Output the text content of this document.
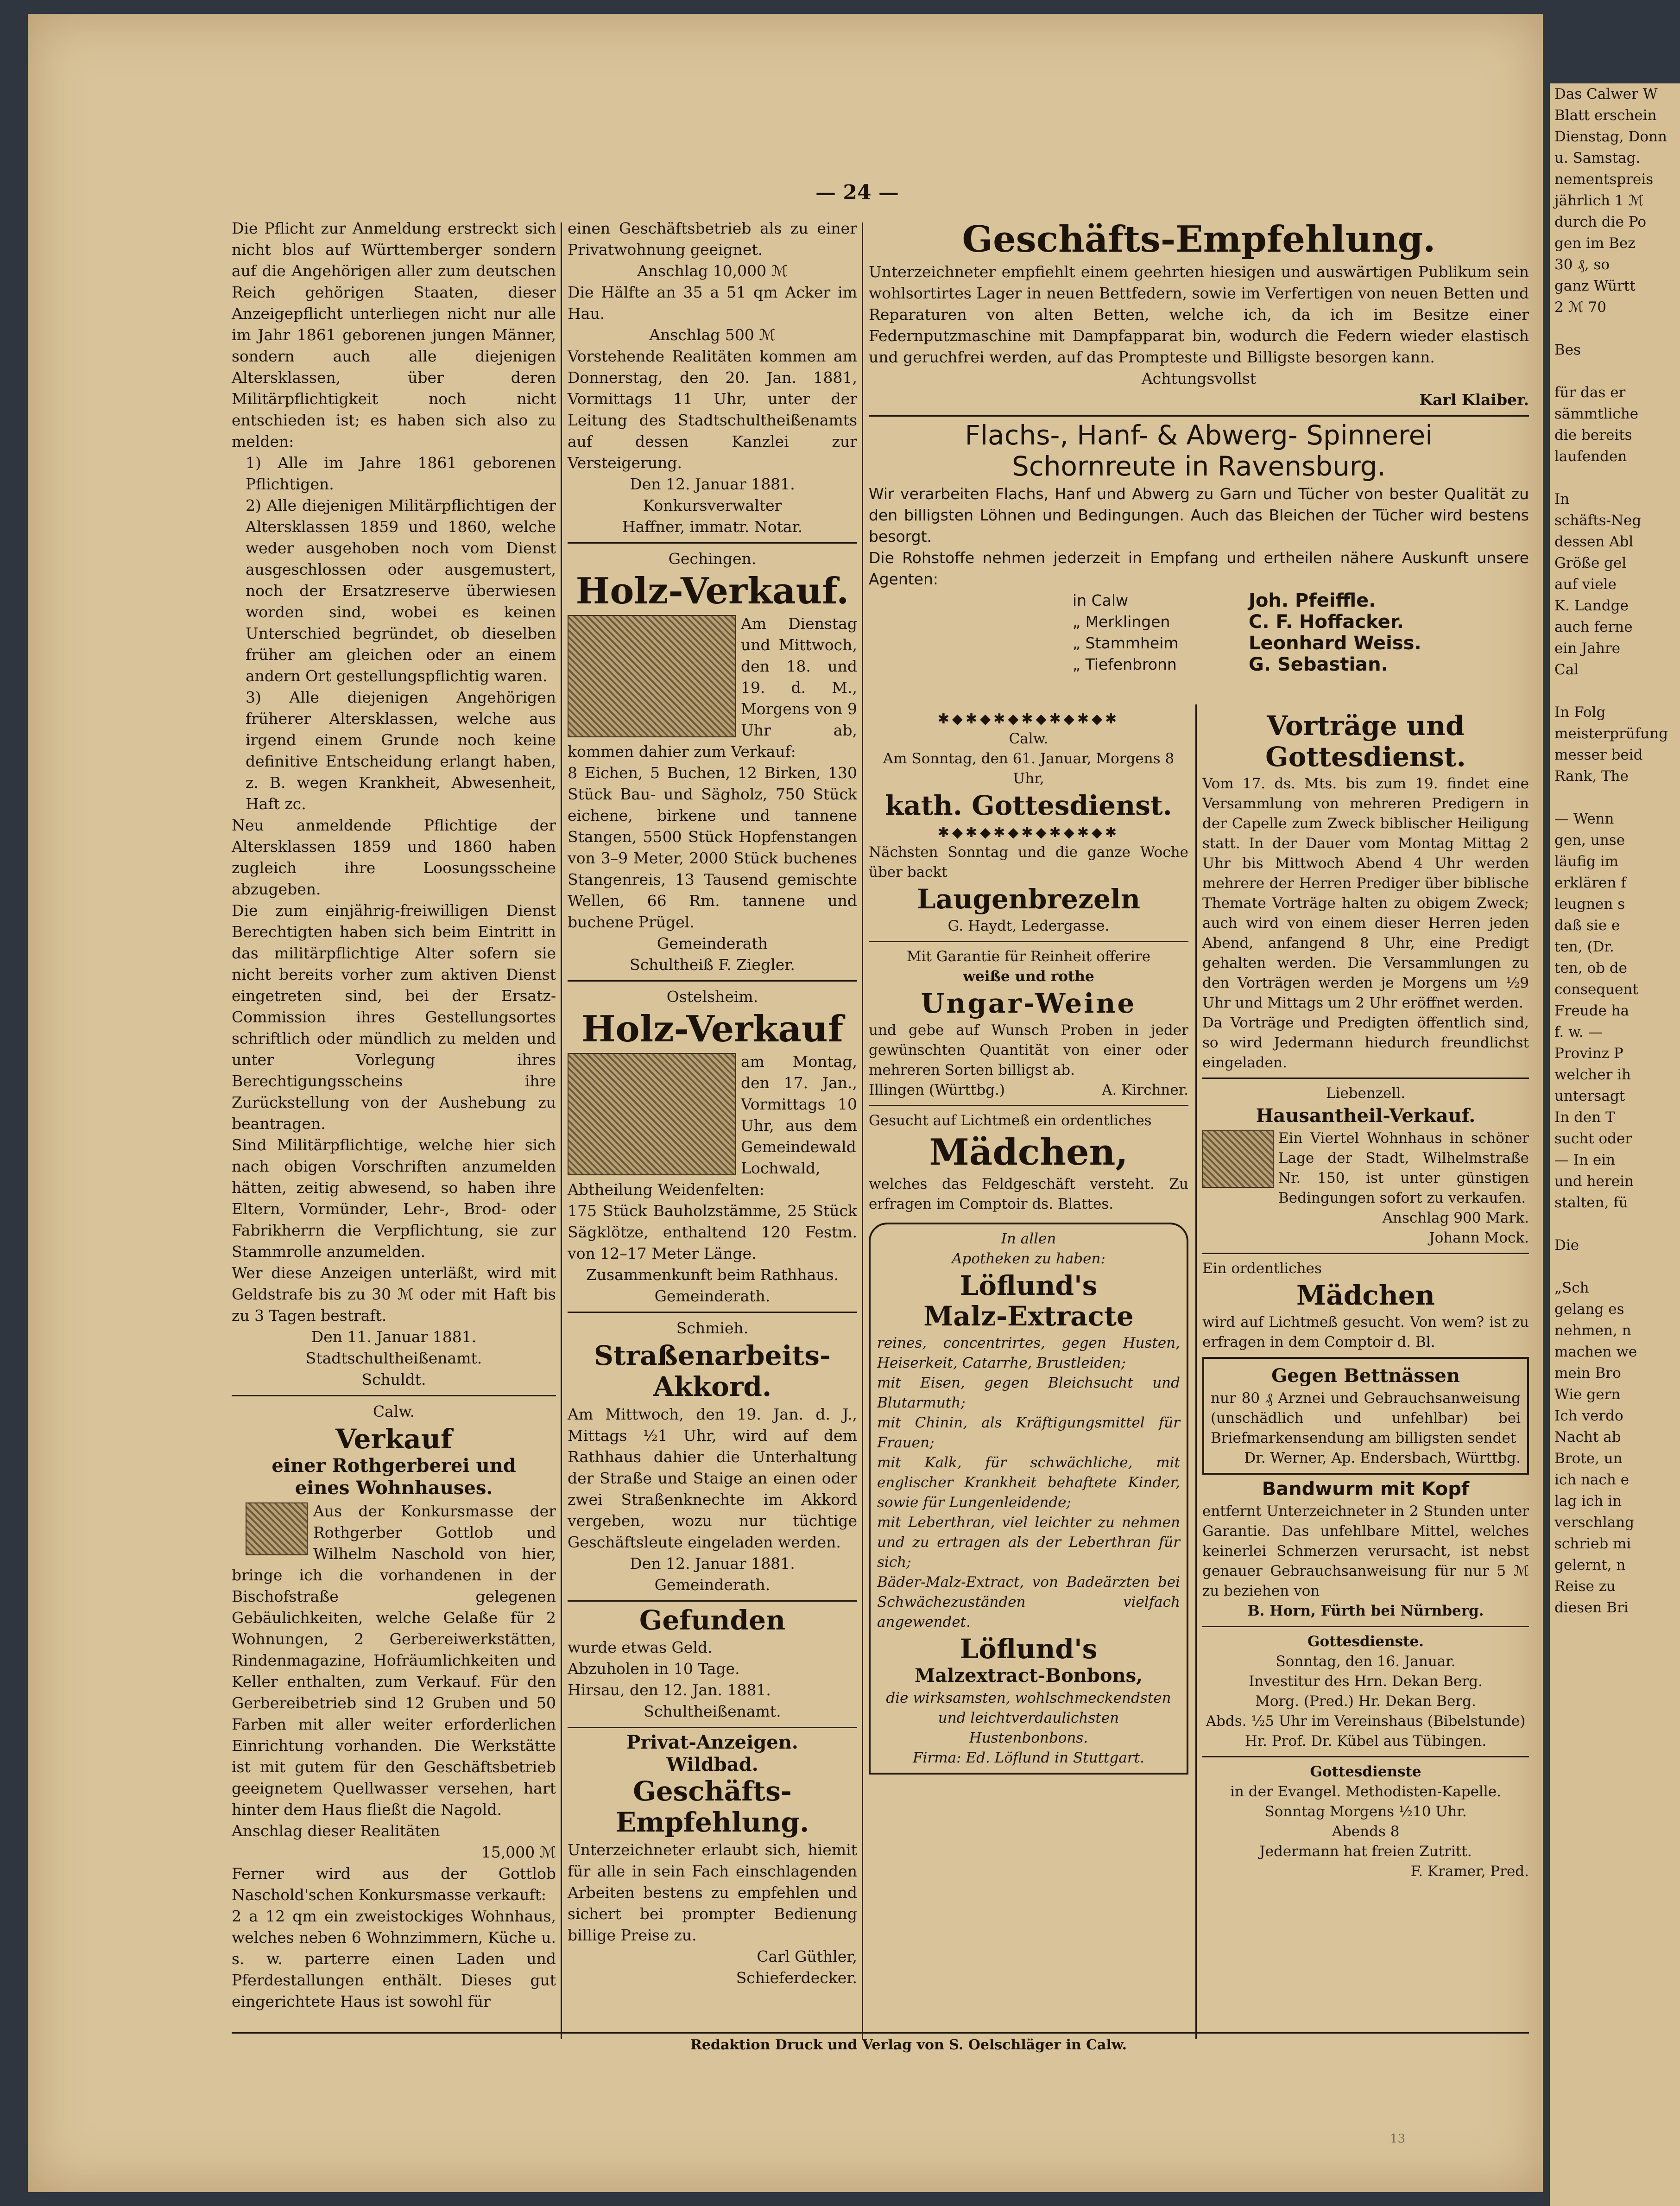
— 24 —

Die Pflicht zur Anmeldung erstreckt sich nicht blos auf Württemberger sondern auf die Angehörigen aller zum deutschen Reich gehörigen Staaten, dieser Anzeigepflicht unterliegen nicht nur alle im Jahr 1861 geborenen jungen Männer, sondern auch alle diejenigen Altersklassen, über deren Militärpflichtigkeit noch nicht entschieden ist; es haben sich also zu melden:

1) Alle im Jahre 1861 geborenen Pflichtigen.

2) Alle diejenigen Militärpflichtigen der Altersklassen 1859 und 1860, welche weder ausgehoben noch vom Dienst ausgeschlossen oder ausgemustert, noch der Ersatzreserve überwiesen worden sind, wobei es keinen Unterschied begründet, ob dieselben früher am gleichen oder an einem andern Ort gestellungspflichtig waren.

3) Alle diejenigen Angehörigen früherer Altersklassen, welche aus irgend einem Grunde noch keine definitive Entscheidung erlangt haben, z. B. wegen Krankheit, Abwesenheit, Haft zc.

Neu anmeldende Pflichtige der Altersklassen 1859 und 1860 haben zugleich ihre Loosungsscheine abzugeben.

Die zum einjährig-freiwilligen Dienst Berechtigten haben sich beim Eintritt in das militärpflichtige Alter sofern sie nicht bereits vorher zum aktiven Dienst eingetreten sind, bei der Ersatz-Commission ihres Gestellungsortes schriftlich oder mündlich zu melden und unter Vorlegung ihres Berechtigungsscheins ihre Zurückstellung von der Aushebung zu beantragen.

Sind Militärpflichtige, welche hier sich nach obigen Vorschriften anzumelden hätten, zeitig abwesend, so haben ihre Eltern, Vormünder, Lehr-, Brod- oder Fabrikherrn die Verpflichtung, sie zur Stammrolle anzumelden.

Wer diese Anzeigen unterläßt, wird mit Geldstrafe bis zu 30 ℳ oder mit Haft bis zu 3 Tagen bestraft.

Den 11. Januar 1881.

Stadtschultheißenamt.

Schuldt.

Calw.

Verkauf
einer Rothgerberei und
eines Wohnhauses.

Aus der Konkursmasse der Rothgerber Gottlob und Wilhelm Naschold von hier, bringe ich die vorhandenen in der Bischofstraße gelegenen Gebäulichkeiten, welche Gelaße für 2 Wohnungen, 2 Gerbereiwerkstätten, Rindenmagazine, Hofräumlichkeiten und Keller enthalten, zum Verkauf. Für den Gerbereibetrieb sind 12 Gruben und 50 Farben mit aller weiter erforderlichen Einrichtung vorhanden. Die Werkstätte ist mit gutem für den Geschäftsbetrieb geeignetem Quellwasser versehen, hart hinter dem Haus fließt die Nagold.

Anschlag dieser Realitäten

15,000 ℳ

Ferner wird aus der Gottlob Naschold'schen Konkursmasse verkauft:

2 a 12 qm ein zweistockiges Wohnhaus, welches neben 6 Wohnzimmern, Küche u. s. w. parterre einen Laden und Pferdestallungen enthält. Dieses gut eingerichtete Haus ist sowohl für

einen Geschäftsbetrieb als zu einer Privatwohnung geeignet.

Anschlag 10,000 ℳ

Die Hälfte an 35 a 51 qm Acker im Hau.

Anschlag 500 ℳ

Vorstehende Realitäten kommen am Donnerstag, den 20. Jan. 1881, Vormittags 11 Uhr, unter der Leitung des Stadtschultheißenamts auf dessen Kanzlei zur Versteigerung.

Den 12. Januar 1881.

Konkursverwalter

Haffner, immatr. Notar.

Gechingen.

Holz-Verkauf.

Am Dienstag und Mittwoch, den 18. und 19. d. M., Morgens von 9 Uhr ab, kommen dahier zum Verkauf:

8 Eichen, 5 Buchen, 12 Birken, 130 Stück Bau- und Sägholz, 750 Stück eichene, birkene und tannene Stangen, 5500 Stück Hopfenstangen von 3–9 Meter, 2000 Stück buchenes Stangenreis, 13 Tausend gemischte Wellen, 66 Rm. tannene und buchene Prügel.

Gemeinderath

Schultheiß F. Ziegler.

Ostelsheim.

Holz-Verkauf

am Montag, den 17. Jan., Vormittags 10 Uhr, aus dem Gemeindewald Lochwald, Abtheilung Weidenfelten:

175 Stück Bauholzstämme, 25 Stück Sägklötze, enthaltend 120 Festm. von 12–17 Meter Länge.

Zusammenkunft beim Rathhaus.

Gemeinderath.

Schmieh.

Straßenarbeits-
Akkord.

Am Mittwoch, den 19. Jan. d. J., Mittags ½1 Uhr, wird auf dem Rathhaus dahier die Unterhaltung der Straße und Staige an einen oder zwei Straßenknechte im Akkord vergeben, wozu nur tüchtige Geschäftsleute eingeladen werden.

Den 12. Januar 1881.

Gemeinderath.

Gefunden

wurde etwas Geld.

Abzuholen in 10 Tage.

Hirsau, den 12. Jan. 1881.

Schultheißenamt.

Privat-Anzeigen.
Wildbad.
Geschäfts-
Empfehlung.

Unterzeichneter erlaubt sich, hiemit für alle in sein Fach einschlagenden Arbeiten bestens zu empfehlen und sichert bei prompter Bedienung billige Preise zu.

Carl Güthler,

Schieferdecker.

Geschäfts-Empfehlung.

Unterzeichneter empfiehlt einem geehrten hiesigen und auswärtigen Publikum sein wohlsortirtes Lager in neuen Bettfedern, sowie im Verfertigen von neuen Betten und Reparaturen von alten Betten, welche ich, da ich im Besitze einer Federnputzmaschine mit Dampfapparat bin, wodurch die Federn wieder elastisch und geruchfrei werden, auf das Prompteste und Billigste besorgen kann.

Achtungsvollst

Karl Klaiber.

Flachs-, Hanf- & Abwerg- Spinnerei
Schornreute in Ravensburg.

Wir verarbeiten Flachs, Hanf und Abwerg zu Garn und Tücher von bester Qualität zu den billigsten Löhnen und Bedingungen. Auch das Bleichen der Tücher wird bestens besorgt.

Die Rohstoffe nehmen jederzeit in Empfang und ertheilen nähere Auskunft unsere Agenten:

in Calw	Joh. Pfeiffle.
„ Merklingen	C. F. Hoffacker.
„ Stammheim	Leonhard Weiss.
„ Tiefenbronn	G. Sebastian.
✱◆✱◆✱◆✱◆✱◆✱◆✱

Calw.

Am Sonntag, den 61. Januar, Morgens 8 Uhr,

kath. Gottesdienst.
✱◆✱◆✱◆✱◆✱◆✱◆✱

Nächsten Sonntag und die ganze Woche über backt

Laugenbrezeln

G. Haydt, Ledergasse.

Mit Garantie für Reinheit offerire

weiße und rothe

Ungar-Weine

und gebe auf Wunsch Proben in jeder gewünschten Quantität von einer oder mehreren Sorten billigst ab.

Illingen (Württbg.)	A. Kirchner.

Gesucht auf Lichtmeß ein ordentliches

Mädchen,

welches das Feldgeschäft versteht. Zu erfragen im Comptoir ds. Blattes.

In allen

Apotheken zu haben:

Löflund's
Malz-Extracte

reines, concentrirtes, gegen Husten, Heiserkeit, Catarrhe, Brustleiden;

mit Eisen, gegen Bleichsucht und Blutarmuth;

mit Chinin, als Kräftigungsmittel für Frauen;

mit Kalk, für schwächliche, mit englischer Krankheit behaftete Kinder, sowie für Lungenleidende;

mit Leberthran, viel leichter zu nehmen und zu ertragen als der Leberthran für sich;

Bäder-Malz-Extract, von Badeärzten bei Schwächezuständen vielfach angewendet.

Löflund's
Malzextract-Bonbons,

die wirksamsten, wohlschmeckendsten und leichtverdaulichsten Hustenbonbons.

Firma: Ed. Löflund in Stuttgart.

Vorträge und
Gottesdienst.

Vom 17. ds. Mts. bis zum 19. findet eine Versammlung von mehreren Predigern in der Capelle zum Zweck biblischer Heiligung statt. In der Dauer vom Montag Mittag 2 Uhr bis Mittwoch Abend 4 Uhr werden mehrere der Herren Prediger über biblische Themate Vorträge halten zu obigem Zweck; auch wird von einem dieser Herren jeden Abend, anfangend 8 Uhr, eine Predigt gehalten werden. Die Versammlungen zu den Vorträgen werden je Morgens um ½9 Uhr und Mittags um 2 Uhr eröffnet werden.

Da Vorträge und Predigten öffentlich sind, so wird Jedermann hiedurch freundlichst eingeladen.

Liebenzell.

Hausantheil-Verkauf.

Ein Viertel Wohnhaus in schöner Lage der Stadt, Wilhelmstraße Nr. 150, ist unter günstigen Bedingungen sofort zu verkaufen.

Anschlag 900 Mark.

Johann Mock.

Ein ordentliches

Mädchen

wird auf Lichtmeß gesucht. Von wem? ist zu erfragen in dem Comptoir d. Bl.

Gegen Bettnässen

nur 80 ₰ Arznei und Gebrauchsanweisung (unschädlich und unfehlbar) bei Briefmarkensendung am billigsten sendet

Dr. Werner, Ap. Endersbach, Württbg.

Bandwurm mit Kopf

entfernt Unterzeichneter in 2 Stunden unter Garantie. Das unfehlbare Mittel, welches keinerlei Schmerzen verursacht, ist nebst genauer Gebrauchsanweisung für nur 5 ℳ zu beziehen von

B. Horn, Fürth bei Nürnberg.

Gottesdienste.

Sonntag, den 16. Januar.

Investitur des Hrn. Dekan Berg.

Morg. (Pred.) Hr. Dekan Berg.

Abds. ½5 Uhr im Vereinshaus (Bibelstunde) Hr. Prof. Dr. Kübel aus Tübingen.

Gottesdienste

in der Evangel. Methodisten-Kapelle.

Sonntag Morgens ½10 Uhr.

Abends 8

Jedermann hat freien Zutritt.

F. Kramer, Pred.

Redaktion Druck und Verlag von S. Oelschläger in Calw.
13

Das Calwer W

Blatt erschein

Dienstag, Donn

u. Samstag.

nementspreis

jährlich 1 ℳ

durch die Po

gen im Bez

30 ₰, so

ganz Württ

2 ℳ 70

Bes

für das er

sämmtliche

die bereits

laufenden

In

schäfts-Neg

dessen Abl

Größe gel

auf viele

K. Landge

auch ferne

ein Jahre

Cal

In Folg

meisterprüfung

messer beid

Rank, The

— Wenn

gen, unse

läufig im

erklären f

leugnen s

daß sie e

ten, (Dr.

ten, ob de

consequent

Freude ha

f. w. —

Provinz P

welcher ih

untersagt

In den T

sucht oder

— In ein

und herein

stalten, fü

Die

„Sch

gelang es

nehmen, n

machen we

mein Bro

Wie gern

Ich verdo

Nacht ab

Brote, un

ich nach e

lag ich in

verschlang

schrieb mi

gelernt, n

Reise zu

diesen Bri
